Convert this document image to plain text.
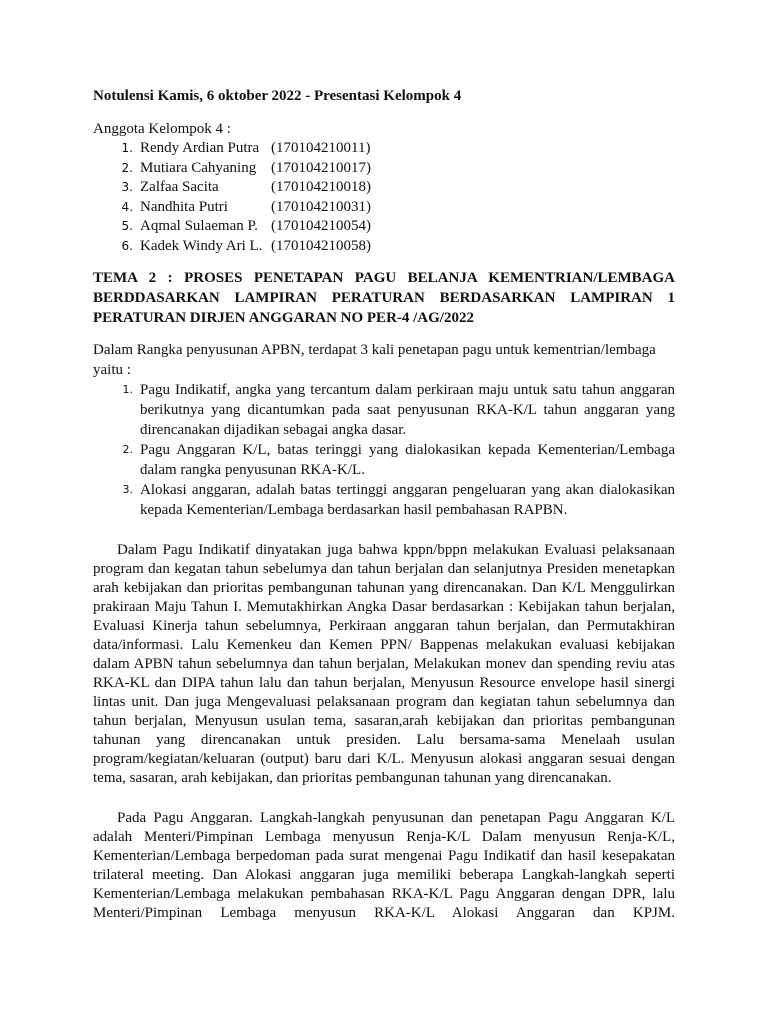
Notulensi Kamis, 6 oktober 2022 - Presentasi Kelompok 4

Anggota Kelompok 4 :

1. Rendy Ardian Putra (170104210011)
2. Mutiara Cahyaning (170104210017)
3. Zalfaa Sacita	(170104210018)
4. Nandhita Putri	(170104210031)
5. Aqmal Sulaeman P. (170104210054)
6. Kadek Windy Ari L. (170104210058)

TEMA 2 : PROSES PENETAPAN PAGU BELANJA KEMENTRIAN/LEMBAGA BERDDASARKAN LAMPIRAN PERATURAN BERDASARKAN LAMPIRAN 1 PERATURAN DIRJEN ANGGARAN NO PER-4 /AG/2022

Dalam Rangka penyusunan APBN, terdapat 3 kali penetapan pagu untuk kementrian/lembaga yaitu :

1. Pagu Indikatif, angka yang tercantum dalam perkiraan maju untuk satu tahun anggaran berikutnya yang dicantumkan pada saat penyusunan RKA-K/L tahun anggaran yang direncanakan dijadikan sebagai angka dasar.
2. Pagu Anggaran K/L, batas teringgi yang dialokasikan kepada Kementerian/Lembaga dalam rangka penyusunan RKA-K/L.
3. Alokasi anggaran, adalah batas tertinggi anggaran pengeluaran yang akan dialokasikan kepada Kementerian/Lembaga berdasarkan hasil pembahasan RAPBN.

Dalam Pagu Indikatif dinyatakan juga bahwa kppn/bppn melakukan Evaluasi pelaksanaan program dan kegatan tahun sebelumya dan tahun berjalan dan selanjutnya Presiden menetapkan arah kebijakan dan prioritas pembangunan tahunan yang direncanakan. Dan K/L Menggulirkan prakiraan Maju Tahun I. Memutakhirkan Angka Dasar berdasarkan : Kebijakan tahun berjalan, Evaluasi Kinerja tahun sebelumnya, Perkiraan anggaran tahun berjalan, dan Permutakhiran data/informasi. Lalu Kemenkeu dan Kemen PPN/ Bappenas melakukan evaluasi kebijakan dalam APBN tahun sebelumnya dan tahun berjalan, Melakukan monev dan spending reviu atas RKA-KL dan DIPA tahun lalu dan tahun berjalan, Menyusun Resource envelope hasil sinergi lintas unit. Dan juga Mengevaluasi pelaksanaan program dan kegiatan tahun sebelumnya dan tahun berjalan, Menyusun usulan tema, sasaran,arah kebijakan dan prioritas pembangunan tahunan yang direncanakan untuk presiden. Lalu bersama-sama Menelaah usulan program/kegiatan/keluaran (output) baru dari K/L. Menyusun alokasi anggaran sesuai dengan tema, sasaran, arah kebijakan, dan prioritas pembangunan tahunan yang direncanakan.

Pada Pagu Anggaran. Langkah-langkah penyusunan dan penetapan Pagu Anggaran K/L adalah Menteri/Pimpinan Lembaga menyusun Renja-K/L Dalam menyusun Renja-K/L, Kementerian/Lembaga berpedoman pada surat mengenai Pagu Indikatif dan hasil kesepakatan trilateral meeting. Dan Alokasi anggaran juga memiliki beberapa Langkah-langkah seperti Kementerian/Lembaga melakukan pembahasan RKA-K/L Pagu Anggaran dengan DPR, lalu Menteri/Pimpinan Lembaga menyusun RKA-K/L Alokasi Anggaran dan KPJM.
